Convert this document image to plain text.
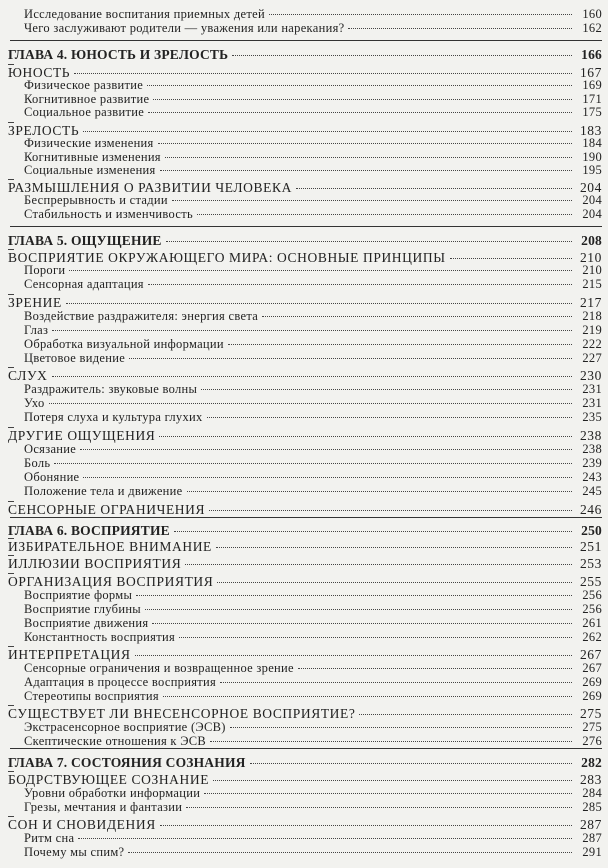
Исследование воспитания приемных детей	160
Чего заслуживают родители — уважения или нарекания?	162
ГЛАВА 4. ЮНОСТЬ И ЗРЕЛОСТЬ	166
ЮНОСТЬ	167
Физическое развитие	169
Когнитивное развитие	171
Социальное развитие	175
ЗРЕЛОСТЬ	183
Физические изменения	184
Когнитивные изменения	190
Социальные изменения	195
РАЗМЫШЛЕНИЯ О РАЗВИТИИ ЧЕЛОВЕКА	204
Беспрерывность и стадии	204
Стабильность и изменчивость	204
ГЛАВА 5. ОЩУЩЕНИЕ	208
ВОСПРИЯТИЕ ОКРУЖАЮЩЕГО МИРА: ОСНОВНЫЕ ПРИНЦИПЫ	210
Пороги	210
Сенсорная адаптация	215
ЗРЕНИЕ	217
Воздействие раздражителя: энергия света	218
Глаз	219
Обработка визуальной информации	222
Цветовое видение	227
СЛУХ	230
Раздражитель: звуковые волны	231
Ухо	231
Потеря слуха и культура глухих	235
ДРУГИЕ ОЩУЩЕНИЯ	238
Осязание	238
Боль	239
Обоняние	243
Положение тела и движение	245
СЕНСОРНЫЕ ОГРАНИЧЕНИЯ	246
ГЛАВА 6. ВОСПРИЯТИЕ	250
ИЗБИРАТЕЛЬНОЕ ВНИМАНИЕ	251
ИЛЛЮЗИИ ВОСПРИЯТИЯ	253
ОРГАНИЗАЦИЯ ВОСПРИЯТИЯ	255
Восприятие формы	256
Восприятие глубины	256
Восприятие движения	261
Константность восприятия	262
ИНТЕРПРЕТАЦИЯ	267
Сенсорные ограничения и возвращенное зрение	267
Адаптация в процессе восприятия	269
Стереотипы восприятия	269
СУЩЕСТВУЕТ ЛИ ВНЕСЕНСОРНОЕ ВОСПРИЯТИЕ?	275
Экстрасенсорное восприятие (ЭСВ)	275
Скептические отношения к ЭСВ	276
ГЛАВА 7. СОСТОЯНИЯ СОЗНАНИЯ	282
БОДРСТВУЮЩЕЕ СОЗНАНИЕ	283
Уровни обработки информации	284
Грезы, мечтания и фантазии	285
СОН И СНОВИДЕНИЯ	287
Ритм сна	287
Почему мы спим?	291
